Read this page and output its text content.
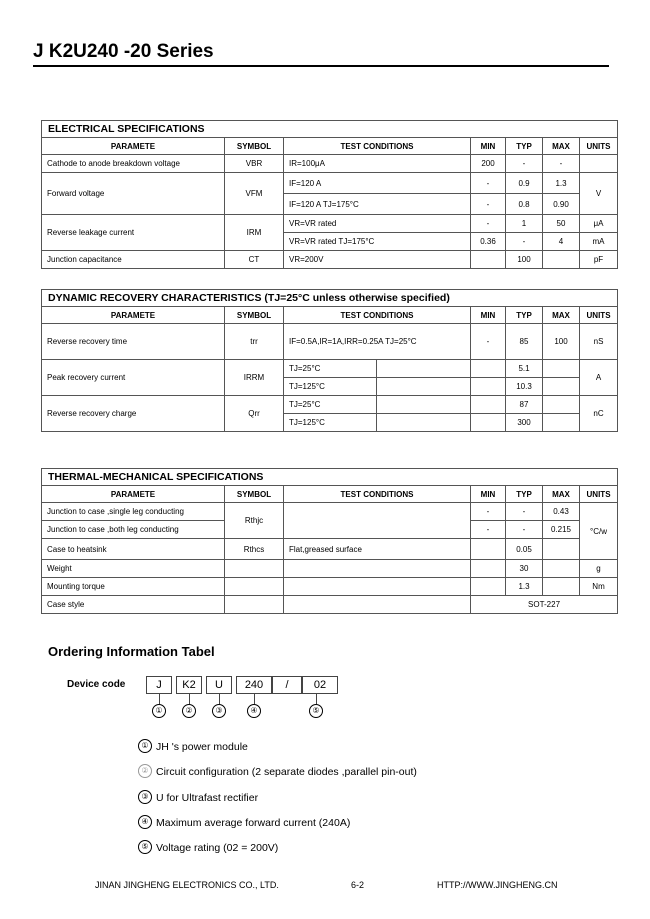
J K2U240 -20 Series
ELECTRICAL SPECIFICATIONS						
PARAMETE	SYMBOL	TEST CONDITIONS	MIN	TYP	MAX	UNITS
Cathode to anode breakdown voltage	VBR	IR=100μA	200	-	-	
Forward voltage	VFM	IF=120 A	-	0.9	1.3	V
		IF=120 A TJ=175°C	-	0.8	0.90	
Reverse leakage current	IRM	VR=VR rated	-	1	50	μA
		VR=VR rated TJ=175°C	0.36	-	4	mA
Junction capacitance	CT	VR=200V		100		pF
DYNAMIC RECOVERY CHARACTERISTICS (TJ=25°C unless otherwise specified)							
PARAMETE	SYMBOL	TEST CONDITIONS		MIN	TYP	MAX	UNITS
Reverse recovery time	trr	IF=0.5A,IR=1A,IRR=0.25A TJ=25°C		-	85	100	nS
Peak recovery current	IRRM	TJ=25°C			5.1		A
		TJ=125°C			10.3		
Reverse recovery charge	Qrr	TJ=25°C			87		nC
		TJ=125°C			300		
THERMAL-MECHANICAL SPECIFICATIONS						
PARAMETE	SYMBOL	TEST CONDITIONS	MIN	TYP	MAX	UNITS
Junction to case ,single leg conducting	Rthjc		-	-	0.43	°C/w
Junction to case ,both leg conducting			-	-	0.215	
Case to heatsink	Rthcs	Flat,greased surface		0.05		
Weight				30		g
Mounting torque				1.3		Nm
Case style			SOT-227			
Ordering Information Tabel
Device code	J	K2	U	240	/	02
①	②	③	④	⑤
① JH 's power module
② Circuit configuration (2 separate diodes ,parallel pin-out)
③ U for Ultrafast rectifier
④ Maximum average forward current (240A)
⑤ Voltage rating (02 = 200V)
JINAN JINGHENG ELECTRONICS CO., LTD.	6-2	HTTP://WWW.JINGHENG.CN
